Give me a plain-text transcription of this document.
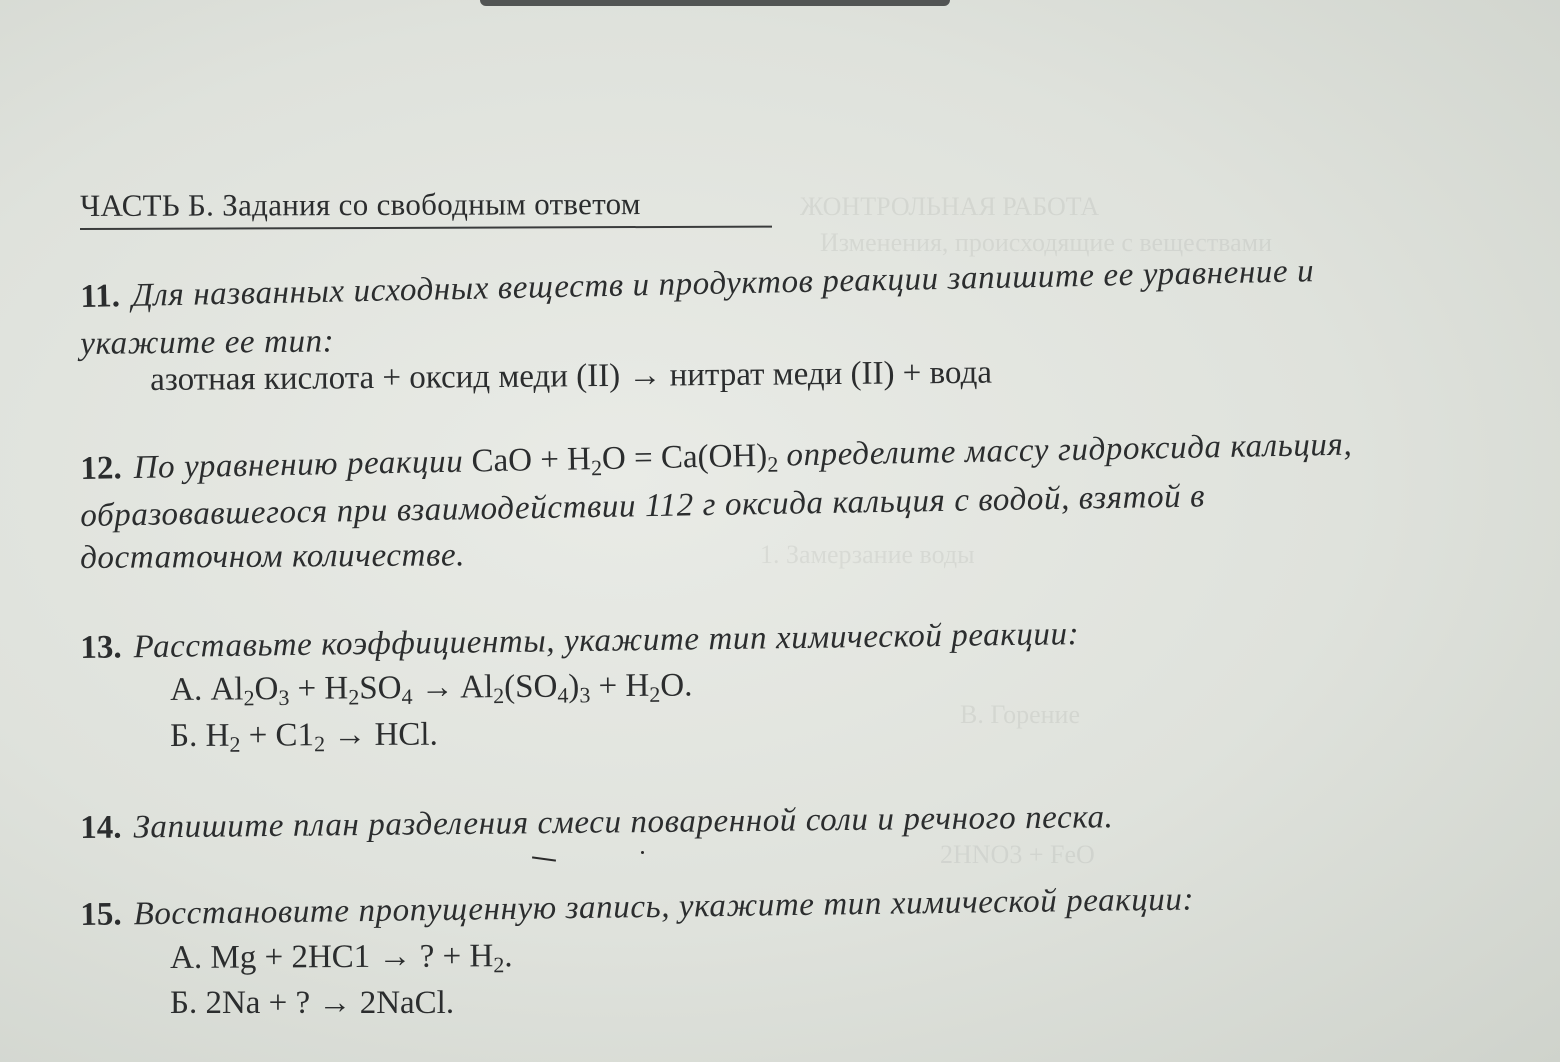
ЖОНТРОЛЬНАЯ РАБОТА
Изменения, происходящие с веществами
1. Замерзание воды
В. Горение
2HNO3 + FeO
ЧАСТЬ Б. Задания со свободным ответом
11. Для названных исходных веществ и продуктов реакции запишите ее уравнение и
укажите ее тип:
азотная кислота + оксид меди (II) → нитрат меди (II) + вода
12. По уравнению реакции CaO + $H_2O = Ca(OH)_2$ определите массу гидроксида кальция,
образовавшегося при взаимодействии 112 г оксида кальция с водой, взятой в
достаточном количестве.
13. Расставьте коэффициенты, укажите тип химической реакции:
А. $Al_2O_3 + H_2SO_4 \to Al_2(SO_4)_3 + H_2O$.
Б. $H_2 + C1_2$ → HCl.
14. Запишите план разделения смеси поваренной соли и речного песка.
15. Восстановите пропущенную запись, укажите тип химической реакции:
А. Mg + 2HC1 → ? + $H_2$.
Б. 2Na + ? → 2NaCl.
